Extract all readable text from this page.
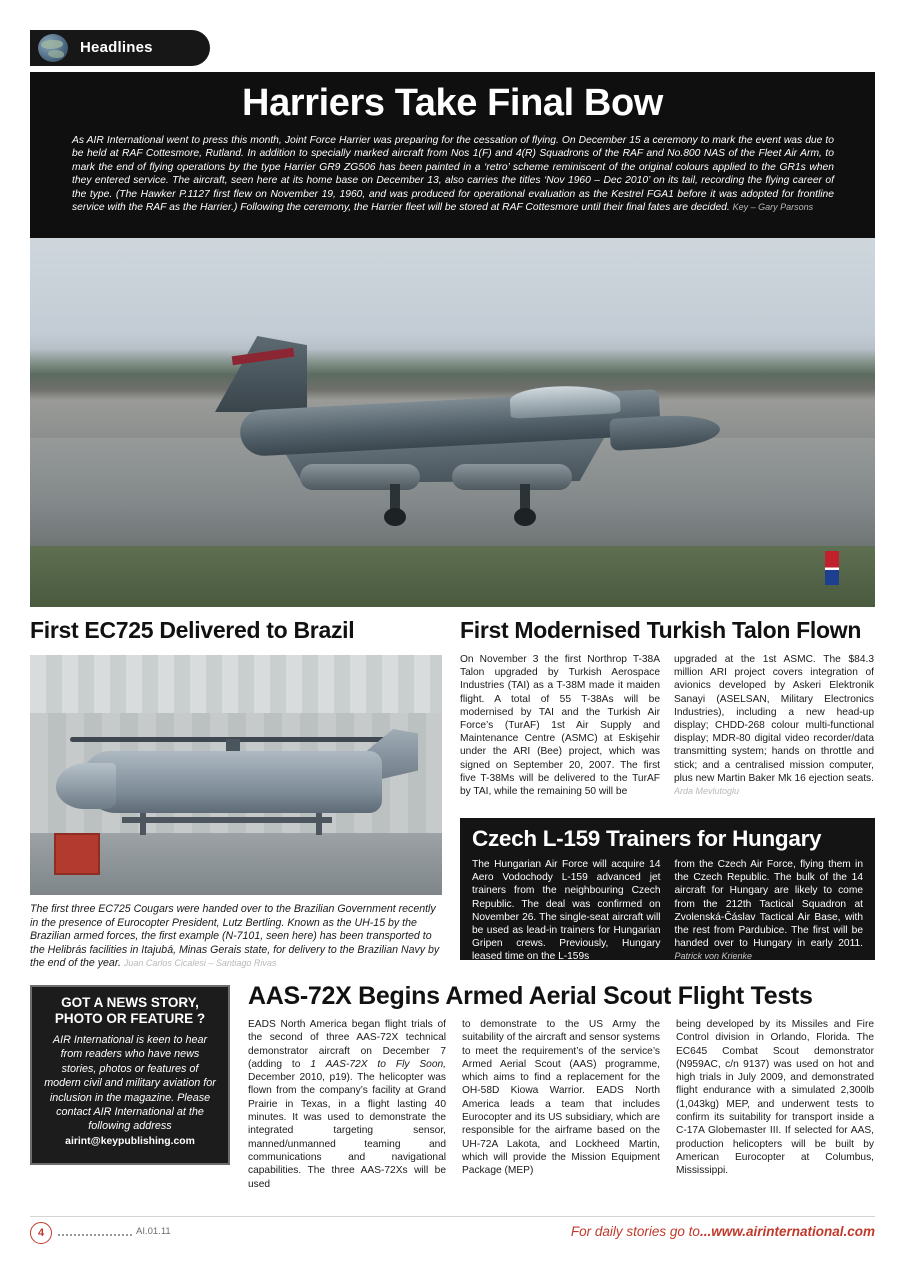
Headlines
Harriers Take Final Bow
As AIR International went to press this month, Joint Force Harrier was preparing for the cessation of flying. On December 15 a ceremony to mark the event was due to be held at RAF Cottesmore, Rutland. In addition to specially marked aircraft from Nos 1(F) and 4(R) Squadrons of the RAF and No.800 NAS of the Fleet Air Arm, to mark the end of flying operations by the type Harrier GR9 ZG506 has been painted in a ‘retro’ scheme reminiscent of the original colours applied to the GR1s when they entered service. The aircraft, seen here at its home base on December 13, also carries the titles ‘Nov 1960 – Dec 2010’ on its tail, recording the flying career of the type. (The Hawker P.1127 first flew on November 19, 1960, and was produced for operational evaluation as the Kestrel FGA1 before it was adopted for frontline service with the RAF as the Harrier.) Following the ceremony, the Harrier fleet will be stored at RAF Cottesmore until their final fates are decided. Key – Gary Parsons
First EC725 Delivered to Brazil
The first three EC725 Cougars were handed over to the Brazilian Government recently in the presence of Eurocopter President, Lutz Bertling. Known as the UH-15 by the Brazilian armed forces, the first example (N-7101, seen here) has been transported to the Helibrás facilities in Itajubá, Minas Gerais state, for delivery to the Brazilian Navy by the end of the year. Juan Carlos Cicalesi – Santiago Rivas
First Modernised Turkish Talon Flown
On November 3 the first Northrop T-38A Talon upgraded by Turkish Aerospace Industries (TAI) as a T-38M made it maiden flight. A total of 55 T-38As will be modernised by TAI and the Turkish Air Force’s (TurAF) 1st Air Supply and Maintenance Centre (ASMC) at Eskişehir under the ARI (Bee) project, which was signed on September 20, 2007. The first five T-38Ms will be delivered to the TurAF by TAI, while the remaining 50 will be
upgraded at the 1st ASMC. The $84.3 million ARI project covers integration of avionics developed by Askeri Elektronik Sanayi (ASELSAN, Military Electronics Industries), including a new head-up display; CHDD-268 colour multi-functional display; MDR-80 digital video recorder/data transmitting system; hands on throttle and stick; and a centralised mission computer, plus new Martin Baker Mk 16 ejection seats. Arda Mevlutoglu
Czech L-159 Trainers for Hungary
The Hungarian Air Force will acquire 14 Aero Vodochody L-159 advanced jet trainers from the neighbouring Czech Republic. The deal was confirmed on November 26. The single-seat aircraft will be used as lead-in trainers for Hungarian Gripen crews. Previously, Hungary leased time on the L-159s
from the Czech Air Force, flying them in the Czech Republic. The bulk of the 14 aircraft for Hungary are likely to come from the 212th Tactical Squadron at Zvolenská-Čáslav Tactical Air Base, with the rest from Pardubice. The first will be handed over to Hungary in early 2011. Patrick von Krienke
GOT A NEWS STORY, PHOTO OR FEATURE ?
AIR International is keen to hear from readers who have news stories, photos or features of modern civil and military aviation for inclusion in the magazine. Please contact AIR International at the following address airint@keypublishing.com
AAS-72X Begins Armed Aerial Scout Flight Tests
EADS North America began flight trials of the second of three AAS-72X technical demonstrator aircraft on December 7 (adding to 1 AAS-72X to Fly Soon, December 2010, p19). The helicopter was flown from the company’s facility at Grand Prairie in Texas, in a flight lasting 40 minutes. It was used to demonstrate the integrated targeting sensor, manned/unmanned teaming and communications and navigational capabilities. The three AAS-72Xs will be used
to demonstrate to the US Army the suitability of the aircraft and sensor systems to meet the requirement’s of the service’s Armed Aerial Scout (AAS) programme, which aims to find a replacement for the OH-58D Kiowa Warrior. EADS North America leads a team that includes Eurocopter and its US subsidiary, which are responsible for the airframe based on the UH-72A Lakota, and Lockheed Martin, which will provide the Mission Equipment Package (MEP)
being developed by its Missiles and Fire Control division in Orlando, Florida. The EC645 Combat Scout demonstrator (N959AC, c/n 9137) was used on hot and high trials in July 2009, and demonstrated flight endurance with a simulated 2,300lb (1,043kg) MEP, and underwent tests to confirm its suitability for transport inside a C-17A Globemaster III. If selected for AAS, production helicopters will be built by American Eurocopter at Columbus, Mississippi.
4	AI.01.11	For daily stories go to...www.airinternational.com
